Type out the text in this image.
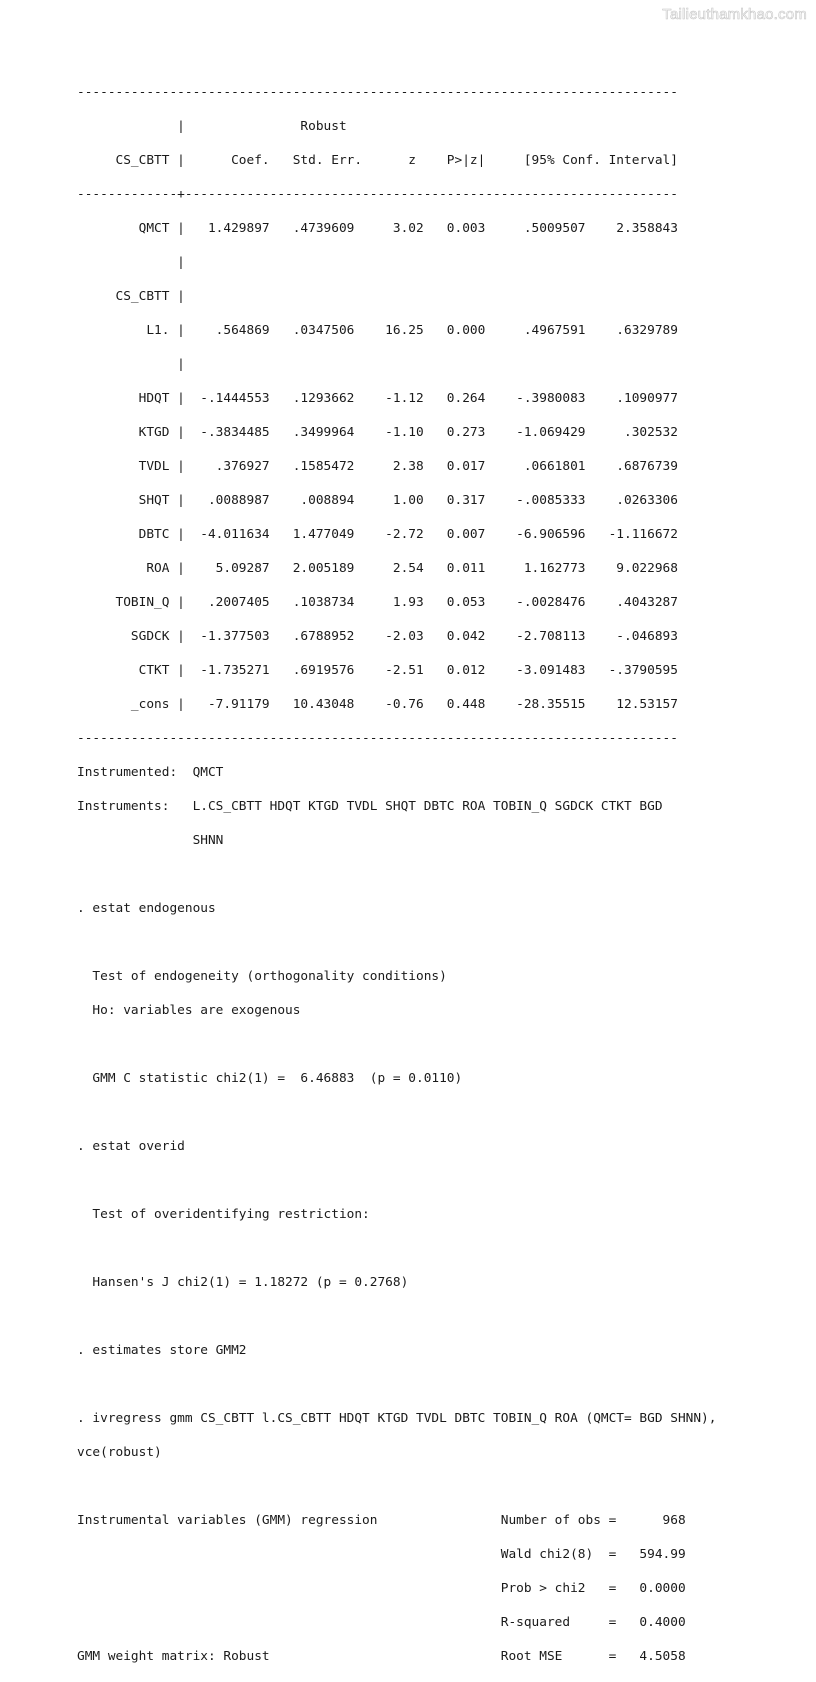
Tailieuthamkhao.com

------------------------------------------------------------------------------

|               Robust

CS_CBTT |      Coef.   Std. Err.      z    P>|z|     [95% Conf. Interval]

-------------+----------------------------------------------------------------

QMCT |   1.429897   .4739609     3.02   0.003     .5009507    2.358843

|

CS_CBTT |

L1. |    .564869   .0347506    16.25   0.000     .4967591    .6329789

|

HDQT |  -.1444553   .1293662    -1.12   0.264    -.3980083    .1090977

KTGD |  -.3834485   .3499964    -1.10   0.273    -1.069429     .302532

TVDL |    .376927   .1585472     2.38   0.017     .0661801    .6876739

SHQT |   .0088987    .008894     1.00   0.317    -.0085333    .0263306

DBTC |  -4.011634   1.477049    -2.72   0.007    -6.906596   -1.116672

ROA |    5.09287   2.005189     2.54   0.011     1.162773    9.022968

TOBIN_Q |   .2007405   .1038734     1.93   0.053    -.0028476    .4043287

SGDCK |  -1.377503   .6788952    -2.03   0.042    -2.708113    -.046893

CTKT |  -1.735271   .6919576    -2.51   0.012    -3.091483   -.3790595

_cons |   -7.91179   10.43048    -0.76   0.448    -28.35515    12.53157

------------------------------------------------------------------------------

Instrumented:  QMCT

Instruments:   L.CS_CBTT HDQT KTGD TVDL SHQT DBTC ROA TOBIN_Q SGDCK CTKT BGD

SHNN

. estat endogenous

Test of endogeneity (orthogonality conditions)

Ho: variables are exogenous

GMM C statistic chi2(1) =  6.46883  (p = 0.0110)

. estat overid

Test of overidentifying restriction:

Hansen's J chi2(1) = 1.18272 (p = 0.2768)

. estimates store GMM2

. ivregress gmm CS_CBTT l.CS_CBTT HDQT KTGD TVDL DBTC TOBIN_Q ROA (QMCT= BGD SHNN),

vce(robust)

Instrumental variables (GMM) regression                Number of obs =      968

Wald chi2(8)  =   594.99

Prob > chi2   =   0.0000

R-squared     =   0.4000

GMM weight matrix: Robust                              Root MSE      =   4.5058
